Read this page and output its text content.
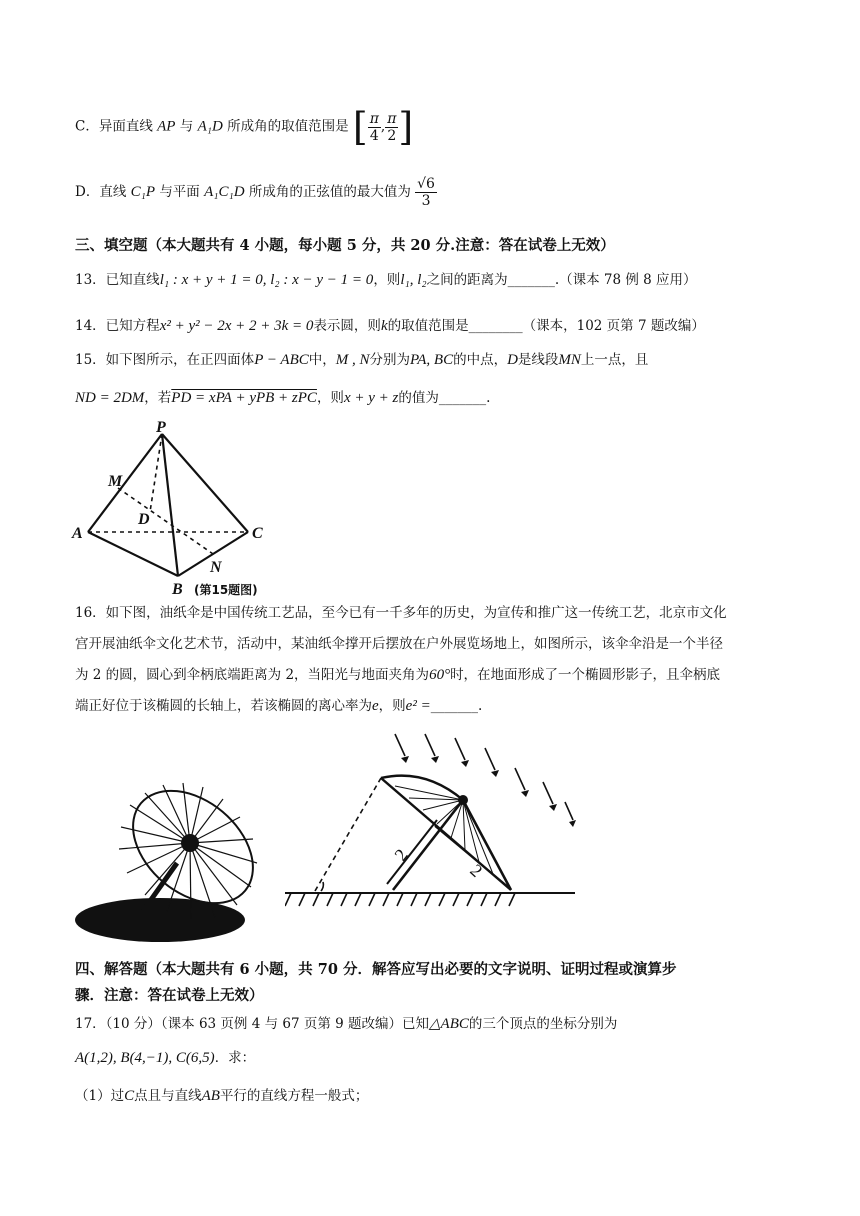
C．异面直线 AP 与 A₁D 所成角的取值范围是 [ $\frac{\pi}{4}$ , $\frac{\pi}{2}$ ]
D．直线 C₁P 与平面 A₁C₁D 所成角的正弦值的最大值为 $\frac{√6}{3}$
三、填空题（本大题共有 4 小题，每小题 5 分，共 20 分.注意：答在试卷上无效）
13．已知直线l₁ : x + y + 1 = 0, l₂ : x − y − 1 = 0，则l₁, l₂之间的距离为_______.（课本 78 例 8 应用）
14．已知方程x² + y² − 2x + 2 + 3k = 0表示圆，则k的取值范围是________（课本，102 页第 7 题改编）
15．如下图所示，在正四面体P − ABC中，M , N分别为PA, BC的中点，D是线段MN上一点，且
ND = 2DM，若PD = xPA + yPB + zPC，则x + y + z的值为_______.
P
M
D
A	C
N
B (第15题图)
16．如下图，油纸伞是中国传统工艺品，至今已有一千多年的历史，为宣传和推广这一传统工艺，北京市文化
宫开展油纸伞文化艺术节，活动中，某油纸伞撑开后摆放在户外展览场地上，如图所示，该伞伞沿是一个半径
为 2 的圆，圆心到伞柄底端距离为 2，当阳光与地面夹角为60°时，在地面形成了一个椭圆形影子，且伞柄底
端正好位于该椭圆的长轴上，若该椭圆的离心率为e，则e² =_______.
2
2
四、解答题（本大题共有 6 小题，共 70 分．解答应写出必要的文字说明、证明过程或演算步
骤．注意：答在试卷上无效）
17．（10 分）（课本 63 页例 4 与 67 页第 9 题改编）已知△ABC的三个顶点的坐标分别为
A(1,2), B(4,−1), C(6,5)．求：
（1）过C点且与直线AB平行的直线方程一般式；
